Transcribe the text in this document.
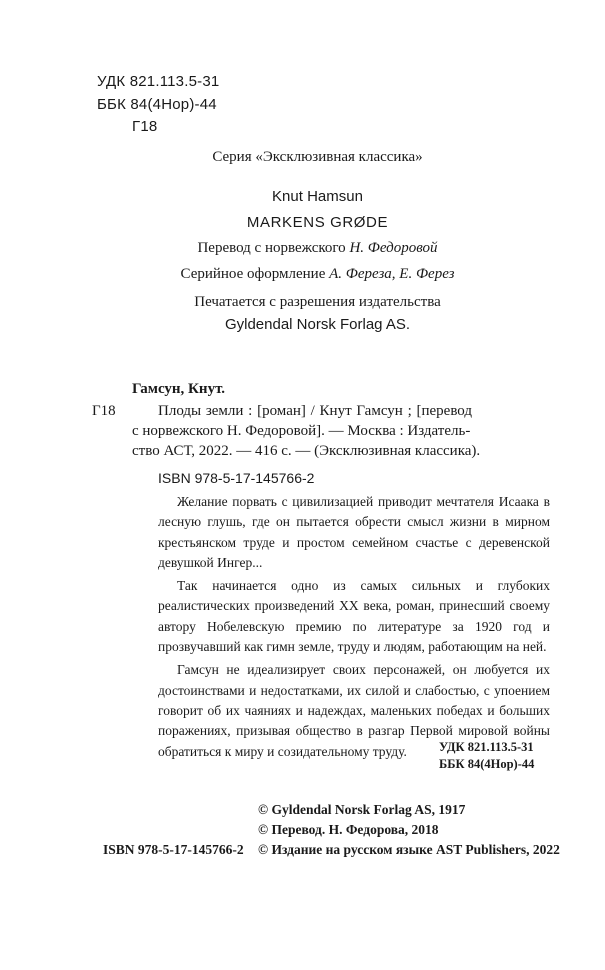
УДК 821.113.5-31
ББК 84(4Нор)-44
Г18
Серия «Эксклюзивная классика»
Knut Hamsun
MARKENS GRØDE
Перевод с норвежского Н. Федоровой
Серийное оформление А. Фереза, Е. Ферез
Печатается с разрешения издательства
Gyldendal Norsk Forlag AS.
Гамсун, Кнут.
Г18	Плоды земли : [роман] / Кнут Гамсун ; [перевод
с норвежского Н. Федоровой]. — Москва : Издатель-
ство АСТ, 2022. — 416 с. — (Эксклюзивная классика).
ISBN 978-5-17-145766-2

Желание порвать с цивилизацией приводит мечтателя Исаака в лесную глушь, где он пытается обрести смысл жизни в мирном крестьянском труде и простом семейном счастье с деревенской девушкой Ингер...

Так начинается одно из самых сильных и глубоких реалистических произведений XX века, роман, принесший своему автору Нобелевскую премию по литературе за 1920 год и прозвучавший как гимн земле, труду и людям, работающим на ней.

Гамсун не идеализирует своих персонажей, он любуется их достоинствами и недостатками, их силой и слабостью, с упоением говорит об их чаяниях и надеждах, маленьких победах и больших поражениях, призывая общество в разгар Первой мировой войны обратиться к миру и созидательному труду.	УДК 821.113.5-31
ББК 84(4Нор)-44
© Gyldendal Norsk Forlag AS, 1917
© Перевод. Н. Федорова, 2018
ISBN 978-5-17-145766-2 © Издание на русском языке AST Publishers, 2022
